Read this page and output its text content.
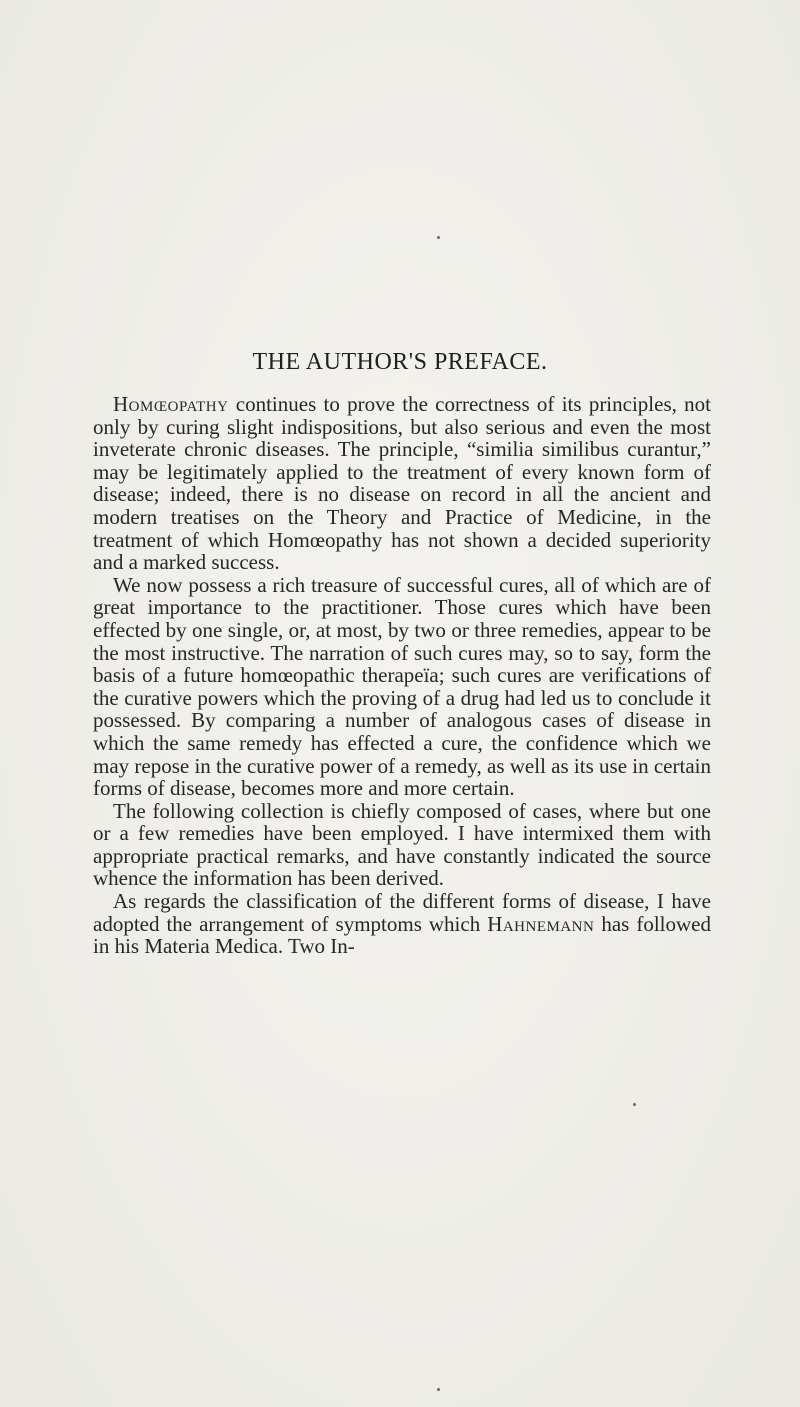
THE AUTHOR'S PREFACE.

Homœopathy continues to prove the correctness of its principles, not only by curing slight indispositions, but also serious and even the most inveterate chronic diseases. The principle, “similia similibus curantur,” may be legitimately applied to the treatment of every known form of disease; indeed, there is no disease on record in all the ancient and modern treatises on the Theory and Practice of Medicine, in the treatment of which Homœopathy has not shown a decided superiority and a marked success.

We now possess a rich treasure of successful cures, all of which are of great importance to the practitioner. Those cures which have been effected by one single, or, at most, by two or three remedies, appear to be the most instructive. The narration of such cures may, so to say, form the basis of a future homœopathic therapeïa; such cures are verifications of the curative powers which the proving of a drug had led us to conclude it possessed. By comparing a number of analogous cases of disease in which the same remedy has effected a cure, the confidence which we may repose in the curative power of a remedy, as well as its use in certain forms of disease, becomes more and more certain.

The following collection is chiefly composed of cases, where but one or a few remedies have been employed. I have intermixed them with appropriate practical remarks, and have constantly indicated the source whence the information has been derived.

As regards the classification of the different forms of disease, I have adopted the arrangement of symptoms which Hahnemann has followed in his Materia Medica. Two In-
